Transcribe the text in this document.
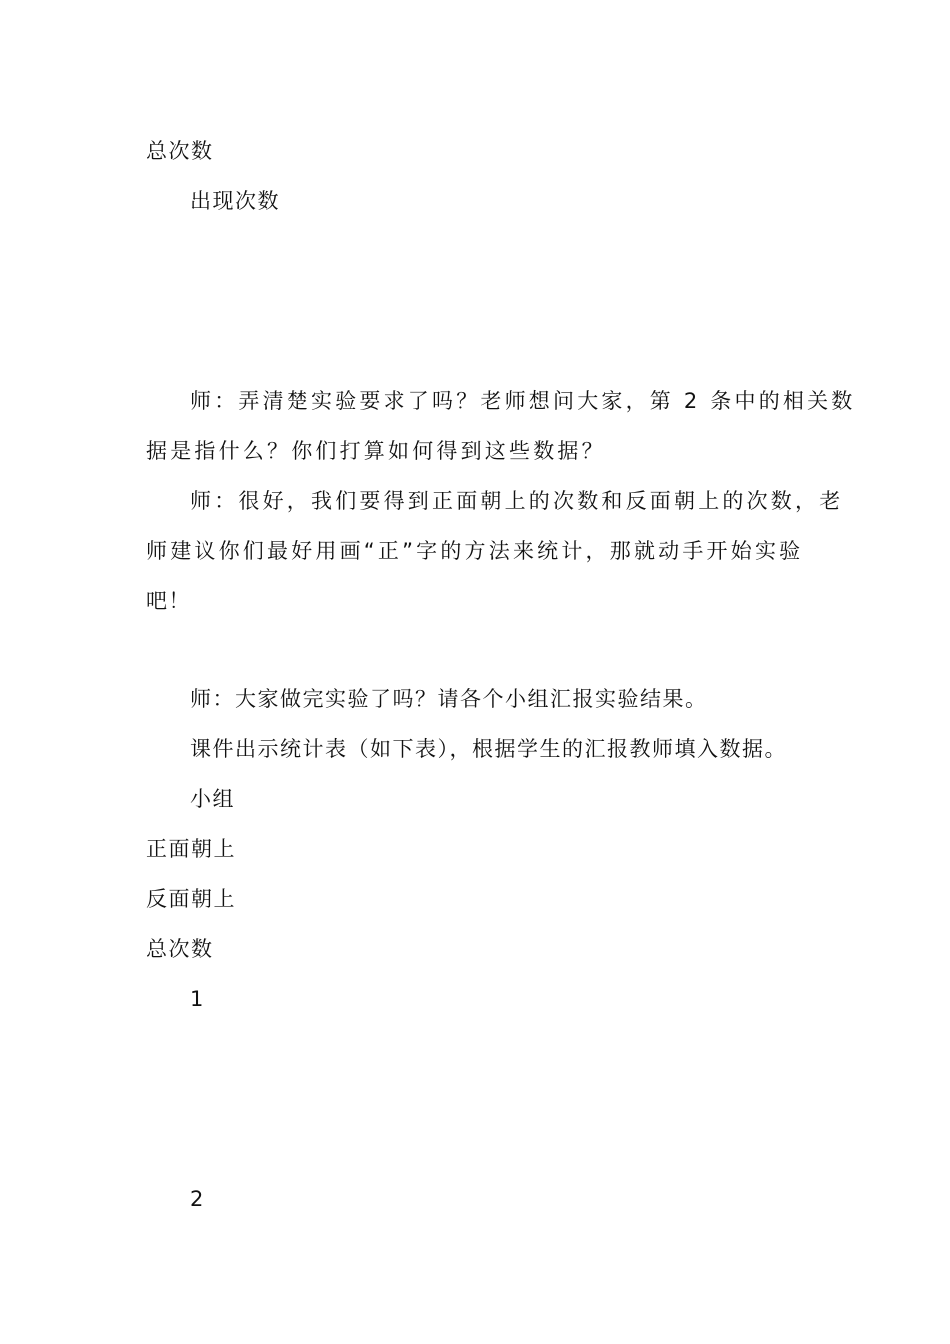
总次数

出现次数

师：弄清楚实验要求了吗？老师想问大家，第 2 条中的相关数

据是指什么？你们打算如何得到这些数据？

师：很好，我们要得到正面朝上的次数和反面朝上的次数，老

师建议你们最好用画“正”字的方法来统计，那就动手开始实验

吧！

师：大家做完实验了吗？请各个小组汇报实验结果。

课件出示统计表（如下表），根据学生的汇报教师填入数据。

小组

正面朝上

反面朝上

总次数

1

2
